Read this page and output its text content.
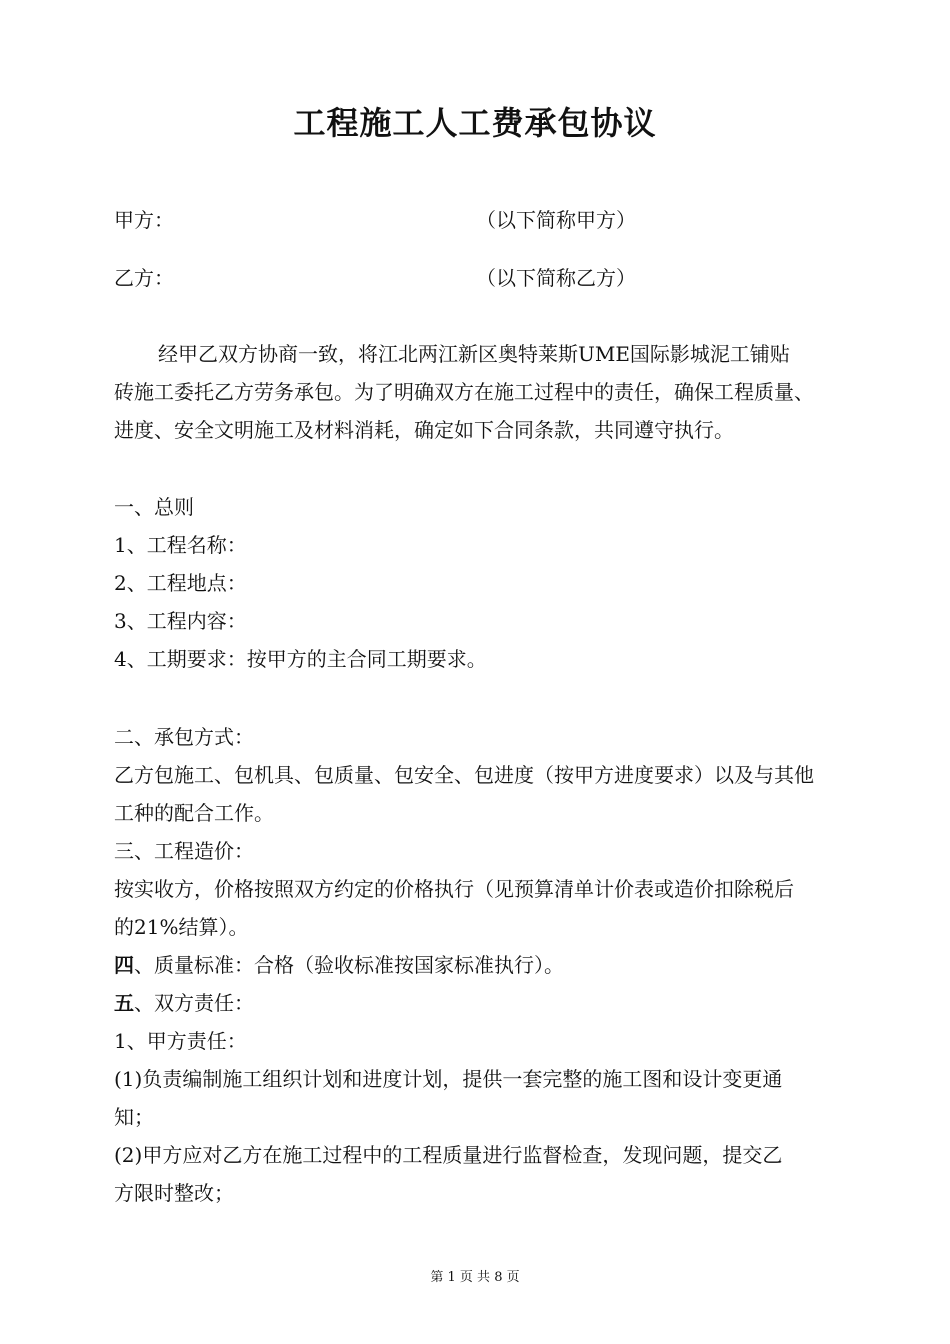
工程施工人工费承包协议
甲方：	（以下简称甲方）
乙方：	（以下简称乙方）
经甲乙双方协商一致，将江北两江新区奥特莱斯UME国际影城泥工铺贴
砖施工委托乙方劳务承包。为了明确双方在施工过程中的责任，确保工程质量、
进度、安全文明施工及材料消耗，确定如下合同条款，共同遵守执行。
一、总则
1、工程名称：
2、工程地点：
3、工程内容：
4、工期要求：按甲方的主合同工期要求。
二、承包方式：
乙方包施工、包机具、包质量、包安全、包进度（按甲方进度要求）以及与其他
工种的配合工作。
三、工程造价：
按实收方，价格按照双方约定的价格执行（见预算清单计价表或造价扣除税后
的21%结算）。
四、质量标准：合格（验收标准按国家标准执行）。
五、双方责任：
1、甲方责任：
(1)负责编制施工组织计划和进度计划，提供一套完整的施工图和设计变更通
知；
(2)甲方应对乙方在施工过程中的工程质量进行监督检查，发现问题，提交乙
方限时整改；
第 1 页 共 8 页
